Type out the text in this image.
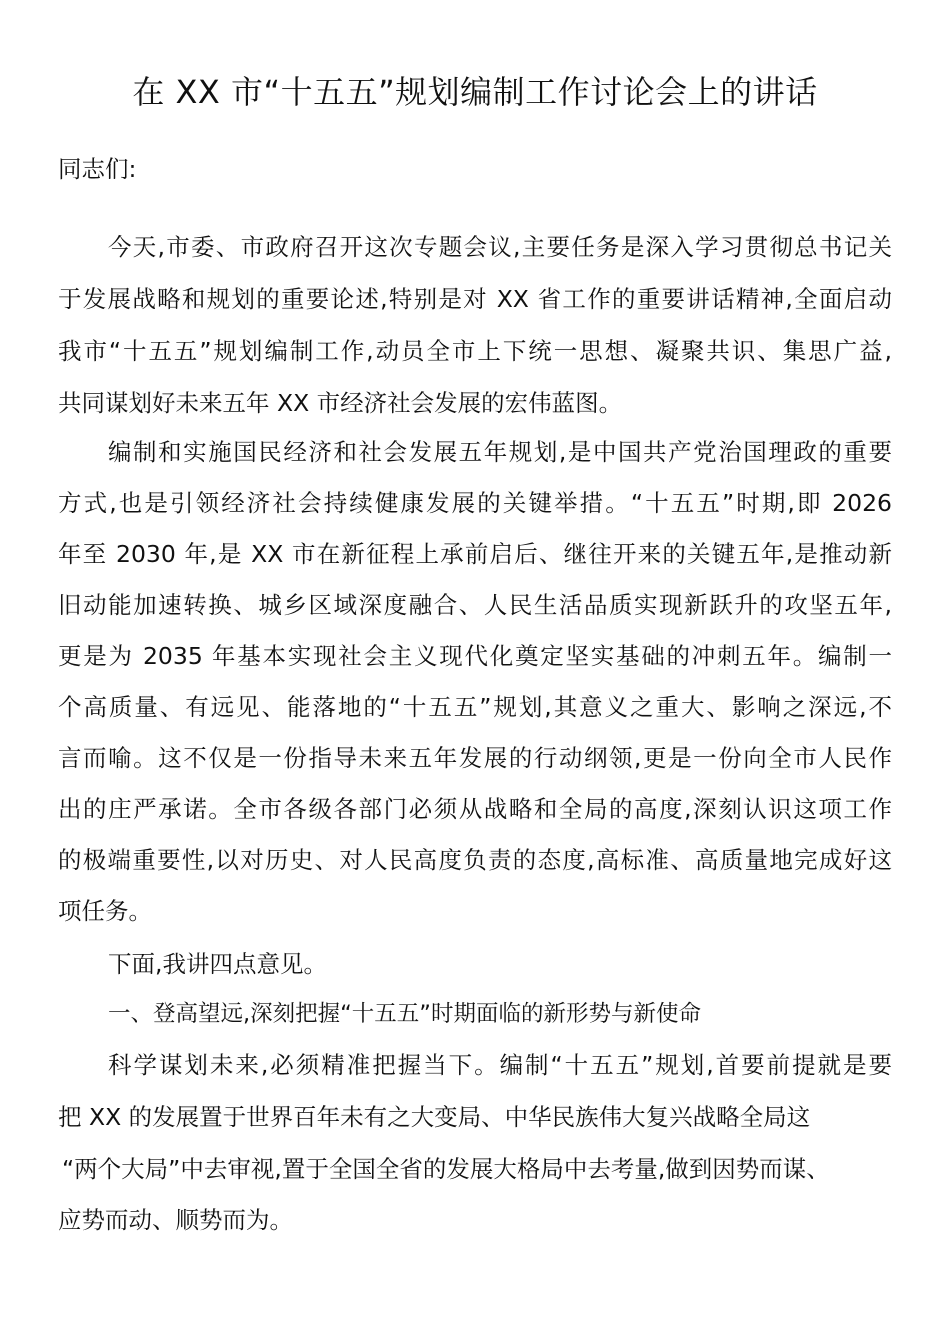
在 XX 市“十五五”规划编制工作讨论会上的讲话

同志们:

今天,市委、市政府召开这次专题会议,主要任务是深入学习贯彻总书记关

于发展战略和规划的重要论述,特别是对 XX 省工作的重要讲话精神,全面启动

我市“十五五”规划编制工作,动员全市上下统一思想、凝聚共识、集思广益,

共同谋划好未来五年 XX 市经济社会发展的宏伟蓝图。

编制和实施国民经济和社会发展五年规划,是中国共产党治国理政的重要

方式,也是引领经济社会持续健康发展的关键举措。“十五五”时期,即 2026

年至 2030 年,是 XX 市在新征程上承前启后、继往开来的关键五年,是推动新

旧动能加速转换、城乡区域深度融合、人民生活品质实现新跃升的攻坚五年,

更是为 2035 年基本实现社会主义现代化奠定坚实基础的冲刺五年。编制一

个高质量、有远见、能落地的“十五五”规划,其意义之重大、影响之深远,不

言而喻。这不仅是一份指导未来五年发展的行动纲领,更是一份向全市人民作

出的庄严承诺。全市各级各部门必须从战略和全局的高度,深刻认识这项工作

的极端重要性,以对历史、对人民高度负责的态度,高标准、高质量地完成好这

项任务。

下面,我讲四点意见。

一、登高望远,深刻把握“十五五”时期面临的新形势与新使命

科学谋划未来,必须精准把握当下。编制“十五五”规划,首要前提就是要

把 XX 的发展置于世界百年未有之大变局、中华民族伟大复兴战略全局这

“两个大局”中去审视,置于全国全省的发展大格局中去考量,做到因势而谋、

应势而动、顺势而为。
